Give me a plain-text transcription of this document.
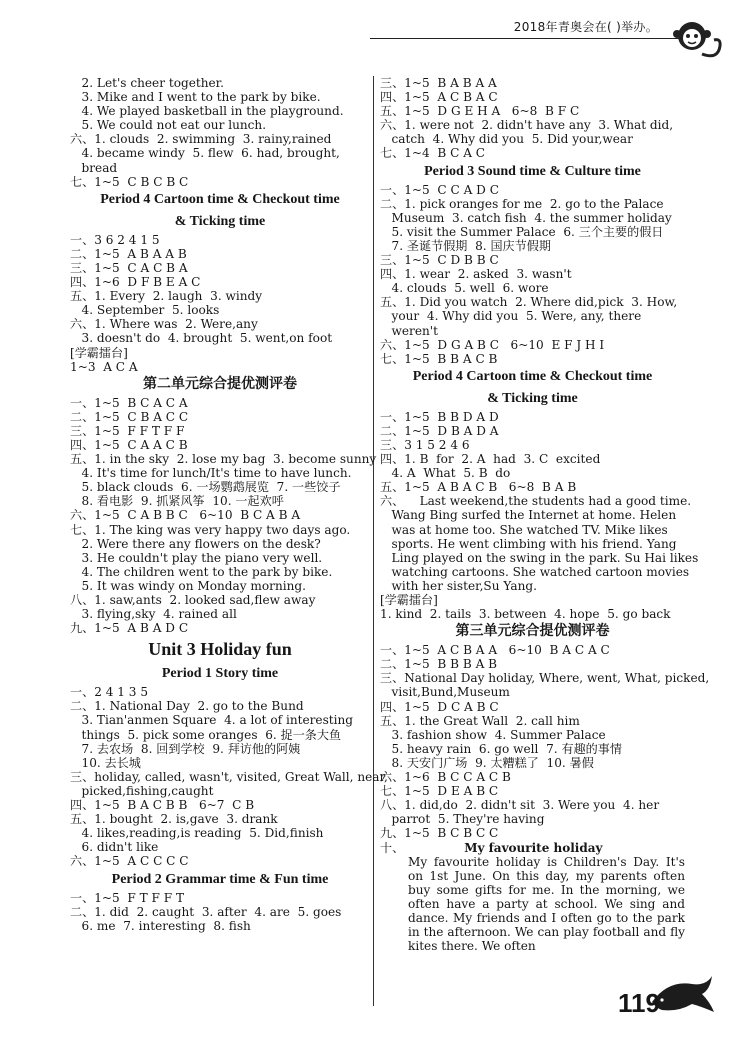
2018年青奥会在( )举办。
2. Let's cheer together.
3. Mike and I went to the park by bike.
4. We played basketball in the playground.
5. We could not eat our lunch.
六、1. clouds  2. swimming  3. rainy,rained
4. became windy  5. flew  6. had, brought,
bread
七、1~5  C B C B C
Period 4 Cartoon time & Checkout time
& Ticking time
一、3 6 2 4 1 5
二、1~5  A B A A B
三、1~5  C A C B A
四、1~6  D F B E A C
五、1. Every  2. laugh  3. windy
4. September  5. looks
六、1. Where was  2. Were,any
3. doesn't do  4. brought  5. went,on foot
[学霸擂台]
1~3  A C A
第二单元综合提优测评卷
一、1~5  B C A C A
二、1~5  C B A C C
三、1~5  F F T F F
四、1~5  C A A C B
五、1. in the sky  2. lose my bag  3. become sunny
4. It's time for lunch/It's time to have lunch.
5. black clouds  6. 一场鹦鹉展览  7. 一些饺子
8. 看电影  9. 抓紧风筝  10. 一起欢呼
六、1~5  C A B B C   6~10  B C A B A
七、1. The king was very happy two days ago.
2. Were there any flowers on the desk?
3. He couldn't play the piano very well.
4. The children went to the park by bike.
5. It was windy on Monday morning.
八、1. saw,ants  2. looked sad,flew away
3. flying,sky  4. rained all
九、1~5  A B A D C
Unit 3 Holiday fun
Period 1 Story time
一、2 4 1 3 5
二、1. National Day  2. go to the Bund
3. Tian'anmen Square  4. a lot of interesting
things  5. pick some oranges  6. 捉一条大鱼
7. 去农场  8. 回到学校  9. 拜访他的阿姨
10. 去长城
三、holiday, called, wasn't, visited, Great Wall, near,
picked,fishing,caught
四、1~5  B A C B B   6~7  C B
五、1. bought  2. is,gave  3. drank
4. likes,reading,is reading  5. Did,finish
6. didn't like
六、1~5  A C C C C
Period 2 Grammar time & Fun time
一、1~5  F T F F T
二、1. did  2. caught  3. after  4. are  5. goes
6. me  7. interesting  8. fish
三、1~5  B A B A A
四、1~5  A C B A C
五、1~5  D G E H A   6~8  B F C
六、1. were not  2. didn't have any  3. What did,
catch  4. Why did you  5. Did your,wear
七、1~4  B C A C
Period 3 Sound time & Culture time
一、1~5  C C A D C
二、1. pick oranges for me  2. go to the Palace
Museum  3. catch fish  4. the summer holiday
5. visit the Summer Palace  6. 三个主要的假日
7. 圣诞节假期  8. 国庆节假期
三、1~5  C D B B C
四、1. wear  2. asked  3. wasn't
4. clouds  5. well  6. wore
五、1. Did you watch  2. Where did,pick  3. How,
your  4. Why did you  5. Were, any, there
weren't
六、1~5  D G A B C   6~10  E F J H I
七、1~5  B B A C B
Period 4 Cartoon time & Checkout time
& Ticking time
一、1~5  B B D A D
二、1~5  D B A D A
三、3 1 5 2 4 6
四、1. B  for  2. A  had  3. C  excited
4. A  What  5. B  do
五、1~5  A B A C B   6~8  B A B
六、    Last weekend,the students had a good time.
Wang Bing surfed the Internet at home. Helen
was at home too. She watched TV. Mike likes
sports. He went climbing with his friend. Yang
Ling played on the swing in the park. Su Hai likes
watching cartoons. She watched cartoon movies
with her sister,Su Yang.
[学霸擂台]
1. kind  2. tails  3. between  4. hope  5. go back
第三单元综合提优测评卷
一、1~5  A C B A A   6~10  B A C A C
二、1~5  B B B A B
三、National Day holiday, Where, went, What, picked,
visit,Bund,Museum
四、1~5  D C A B C
五、1. the Great Wall  2. call him
3. fashion show  4. Summer Palace
5. heavy rain  6. go well  7. 有趣的事情
8. 天安门广场  9. 太糟糕了  10. 暑假
六、1~6  B C C A C B
七、1~5  D E A B C
八、1. did,do  2. didn't sit  3. Were you  4. her
parrot  5. They're having
九、1~5  B C B C C
十、	My favourite holiday
My favourite holiday is Children's Day. It's on 1st June. On this day, my parents often buy some gifts for me. In the morning, we often have a party at school. We sing and dance. My friends and I often go to the park in the afternoon. We can play football and fly kites there. We often
119
